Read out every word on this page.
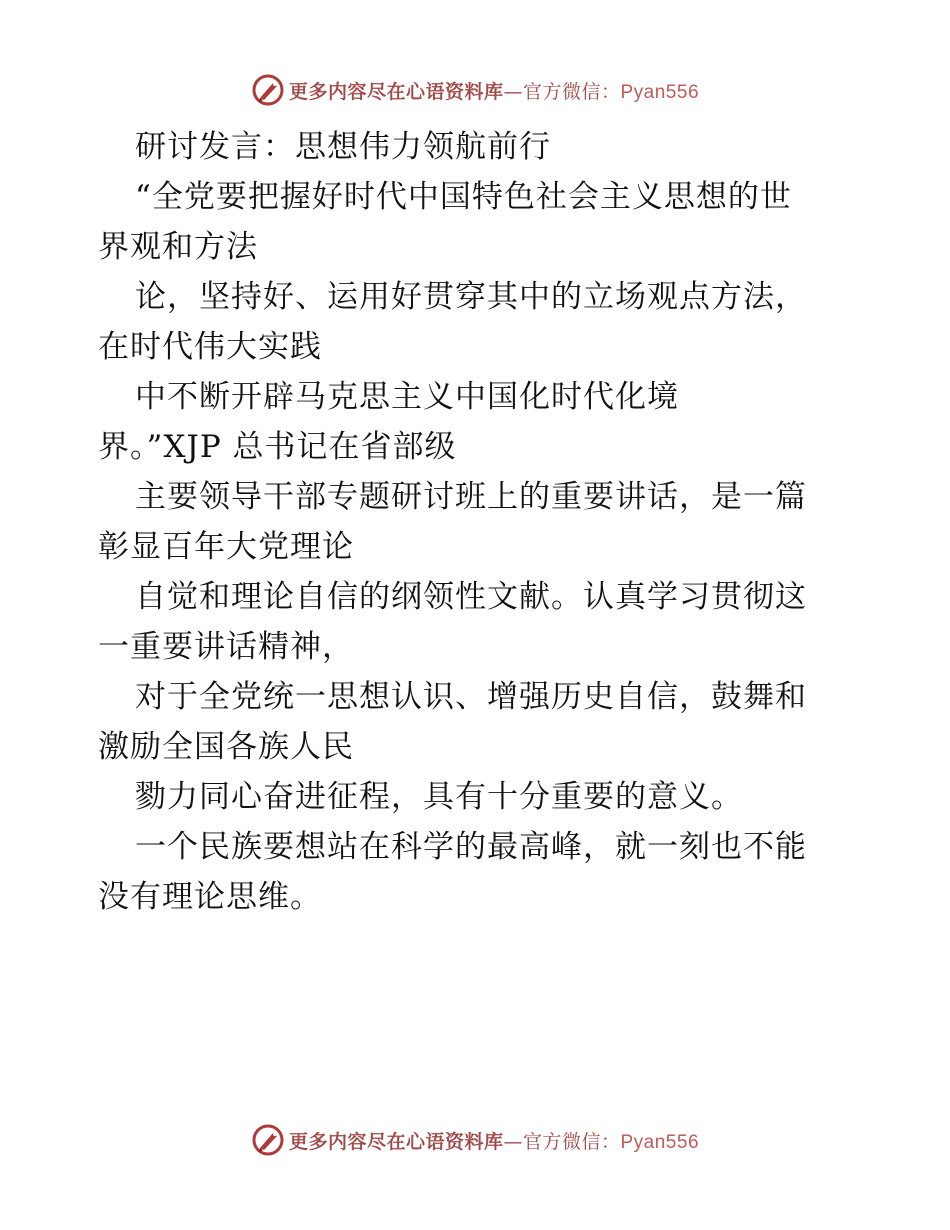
更多内容尽在心语资料库—官方微信：Pyan556
研讨发言：思想伟力领航前行
“全党要把握好时代中国特色社会主义思想的世
界观和方法
论，坚持好、运用好贯穿其中的立场观点方法，
在时代伟大实践
中不断开辟马克思主义中国化时代化境
界。”XJP 总书记在省部级
主要领导干部专题研讨班上的重要讲话，是一篇
彰显百年大党理论
自觉和理论自信的纲领性文献。认真学习贯彻这
一重要讲话精神，
对于全党统一思想认识、增强历史自信，鼓舞和
激励全国各族人民
勠力同心奋进征程，具有十分重要的意义。
一个民族要想站在科学的最高峰，就一刻也不能
没有理论思维。
更多内容尽在心语资料库—官方微信：Pyan556
